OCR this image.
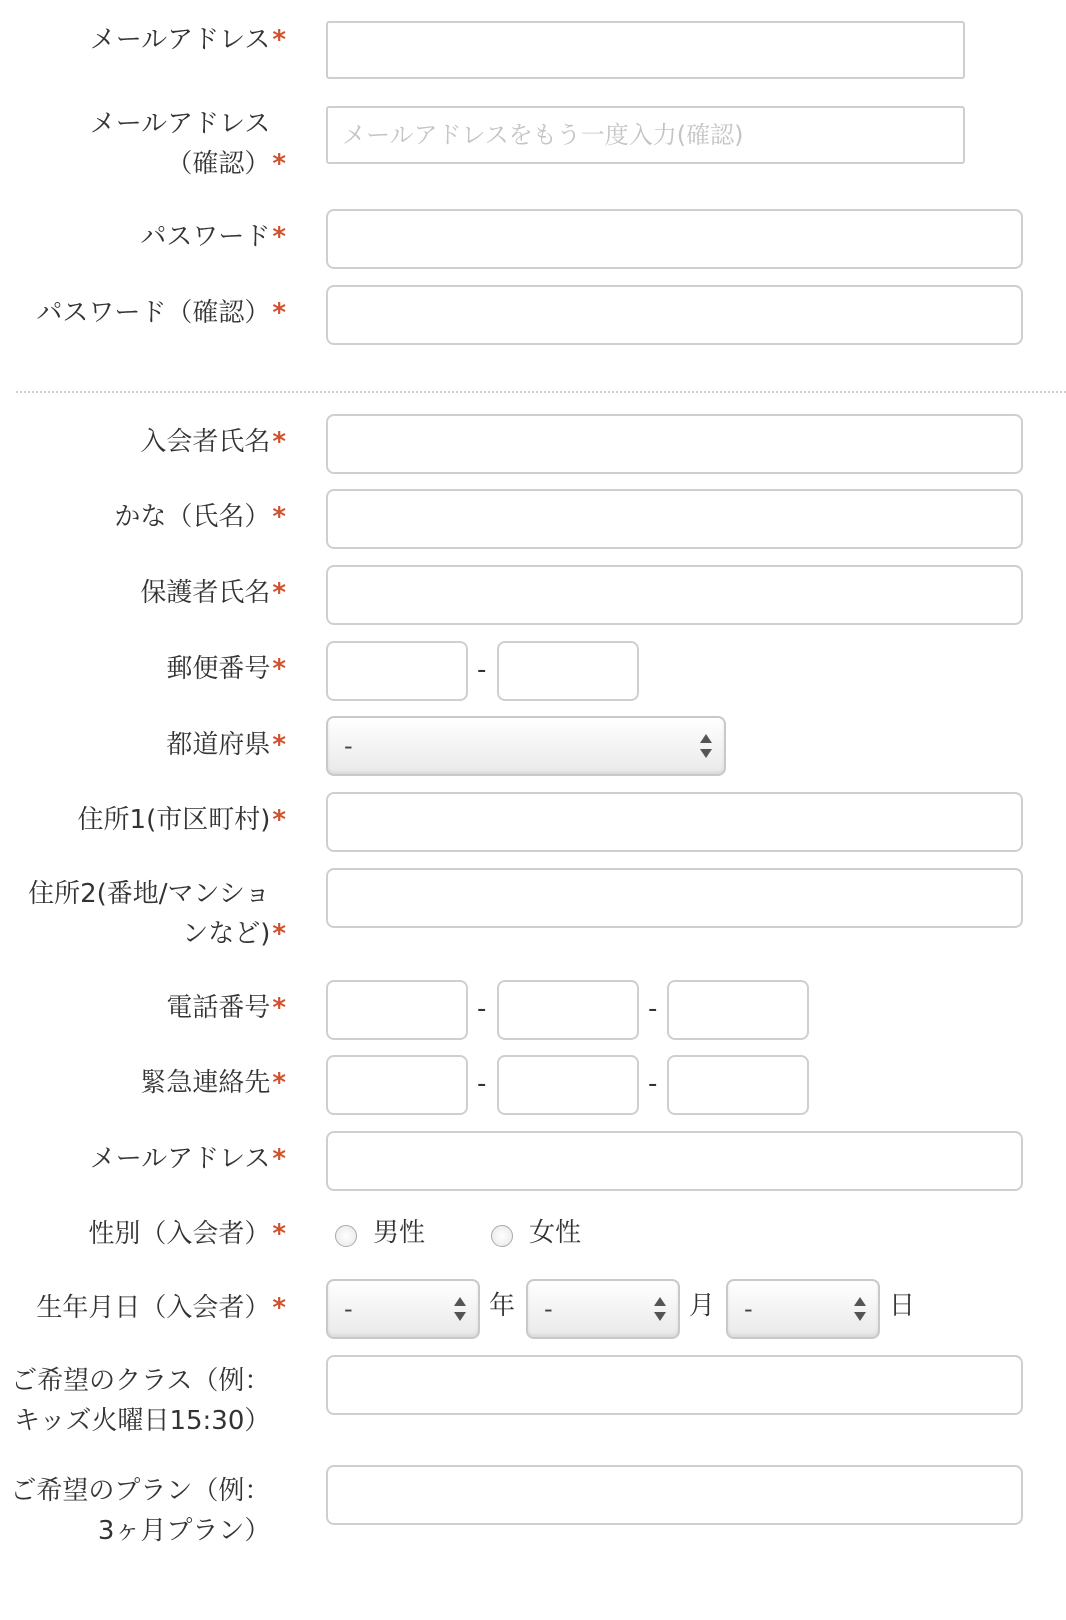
メールアドレス*
メールアドレス
（確認）*
メールアドレスをもう一度入力(確認)
パスワード*
パスワード（確認）*
入会者氏名*
かな（氏名）*
保護者氏名*
郵便番号*	-
都道府県*	-
住所1(市区町村)*
住所2(番地/マンショ
ンなど)*
電話番号*	-	-
緊急連絡先*	-	-
メールアドレス*
性別（入会者）*	男性	女性
生年月日（入会者）*	-	年	-	月	-	日
ご希望のクラス（例：
キッズ火曜日15:30）
ご希望のプラン（例：
3ヶ月プラン）
